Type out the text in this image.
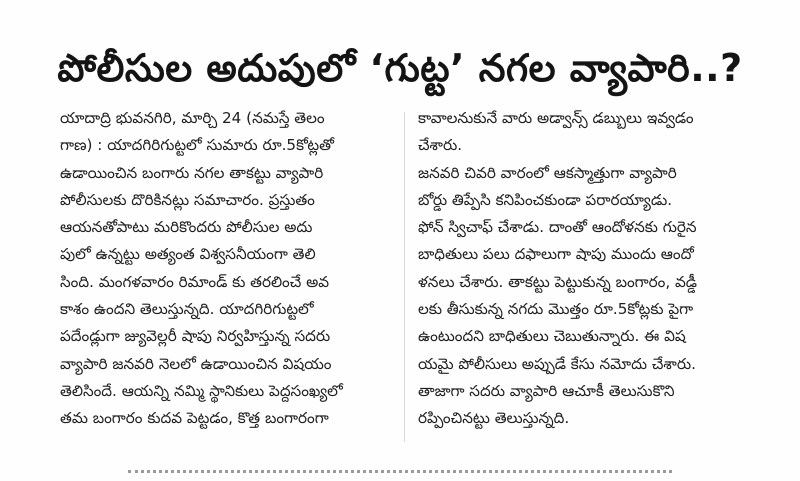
పోలీసుల అదుపులో ‘గుట్ట’ నగల వ్యాపారి..?
యాదాద్రి భువనగిరి, మార్చి 24 (నమస్తే తెలం
గాణ) : యాదగిరిగుట్టలో సుమారు రూ.5కోట్లతో
ఉడాయించిన బంగారు నగల తాకట్టు వ్యాపారి
పోలీసులకు దొరికినట్లు సమాచారం. ప్రస్తుతం
ఆయనతోపాటు మరికొందరు పోలీసుల అదు
పులో ఉన్నట్టు అత్యంత విశ్వసనీయంగా తెలి
సింది. మంగళవారం రిమాండ్ కు తరలించే అవ
కాశం ఉందని తెలుస్తున్నది. యాదగిరిగుట్టలో
పదేండ్లుగా జ్యువెల్లరీ షాపు నిర్వహిస్తున్న సదరు
వ్యాపారి జనవరి నెలలో ఉడాయించిన విషయం
తెలిసిందే. ఆయన్ని నమ్మి స్థానికులు పెద్దసంఖ్యలో
తమ బంగారం కుదవ పెట్టడం, కొత్త బంగారంగా
కావాలనుకునే వారు అడ్వాన్స్ డబ్బులు ఇవ్వడం
చేశారు.
జనవరి చివరి వారంలో ఆకస్మాత్తుగా వ్యాపారి
బోర్డు తిప్పేసి కనిపించకుండా పరారయ్యాడు.
ఫోన్ స్విచాఫ్ చేశాడు. దాంతో ఆందోళనకు గురైన
బాధితులు పలు దఫాలుగా షాపు ముందు ఆందో
ళనలు చేశారు. తాకట్టు పెట్టుకున్న బంగారం, వడ్డీ
లకు తీసుకున్న నగదు మొత్తం రూ.5కోట్లకు పైగా
ఉంటుందని బాధితులు చెబుతున్నారు. ఈ విష
యమై పోలీసులు అప్పుడే కేసు నమోదు చేశారు.
తాజాగా సదరు వ్యాపారి ఆచూకీ తెలుసుకొని
రప్పించినట్టు తెలుస్తున్నది.
